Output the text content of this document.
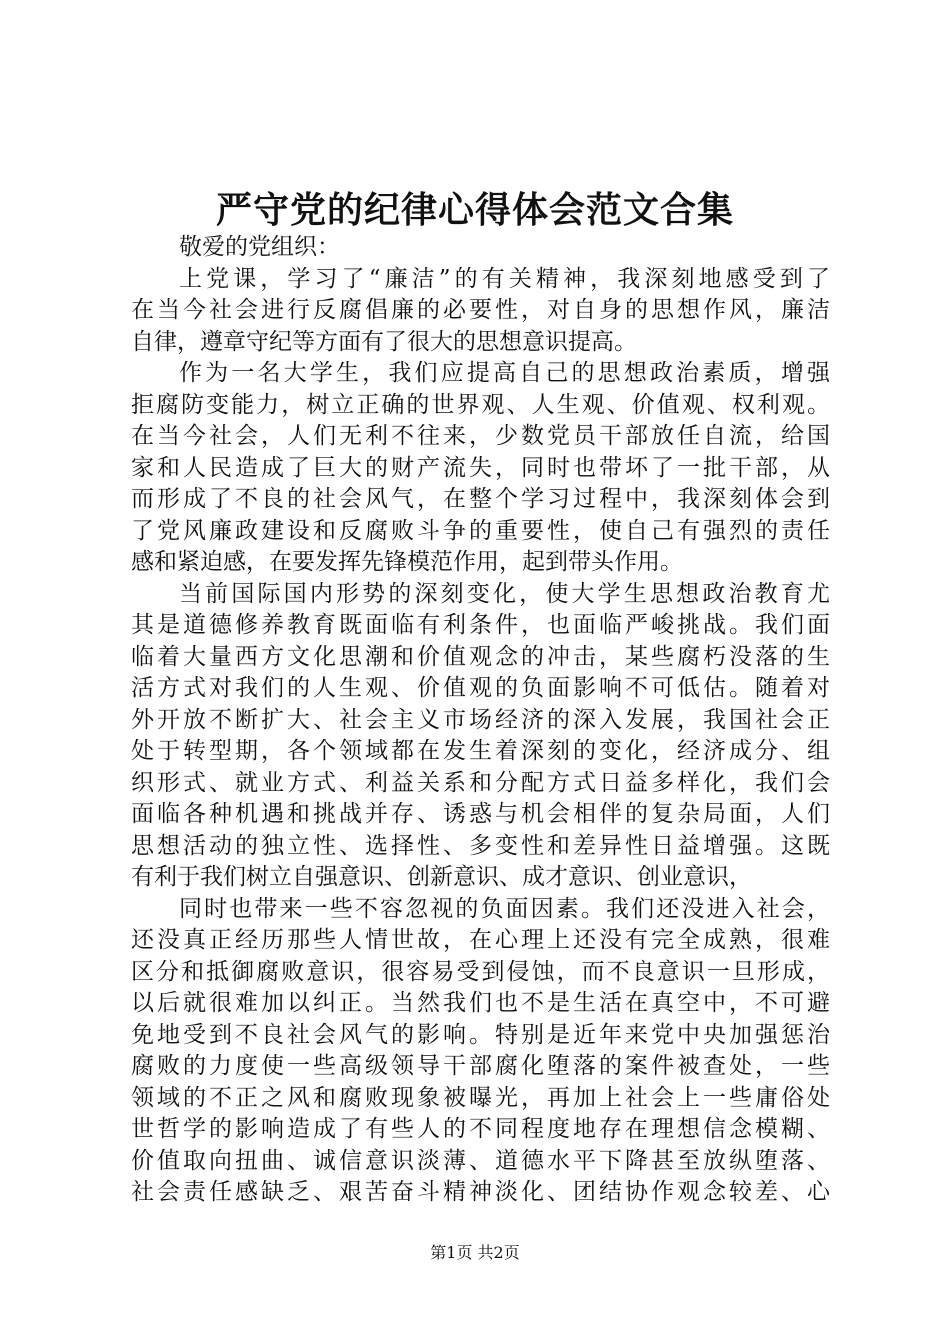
严守党的纪律心得体会范文合集
敬爱的党组织：
上党课，学习了“廉洁”的有关精神，我深刻地感受到了
在当今社会进行反腐倡廉的必要性，对自身的思想作风，廉洁
自律，遵章守纪等方面有了很大的思想意识提高。
作为一名大学生，我们应提高自己的思想政治素质，增强
拒腐防变能力，树立正确的世界观、人生观、价值观、权利观。
在当今社会，人们无利不往来，少数党员干部放任自流，给国
家和人民造成了巨大的财产流失，同时也带坏了一批干部，从
而形成了不良的社会风气，在整个学习过程中，我深刻体会到
了党风廉政建设和反腐败斗争的重要性，使自己有强烈的责任
感和紧迫感，在要发挥先锋模范作用，起到带头作用。
当前国际国内形势的深刻变化，使大学生思想政治教育尤
其是道德修养教育既面临有利条件，也面临严峻挑战。我们面
临着大量西方文化思潮和价值观念的冲击，某些腐朽没落的生
活方式对我们的人生观、价值观的负面影响不可低估。随着对
外开放不断扩大、社会主义市场经济的深入发展，我国社会正
处于转型期，各个领域都在发生着深刻的变化，经济成分、组
织形式、就业方式、利益关系和分配方式日益多样化，我们会
面临各种机遇和挑战并存、诱惑与机会相伴的复杂局面，人们
思想活动的独立性、选择性、多变性和差异性日益增强。这既
有利于我们树立自强意识、创新意识、成才意识、创业意识，
同时也带来一些不容忽视的负面因素。我们还没进入社会，
还没真正经历那些人情世故，在心理上还没有完全成熟，很难
区分和抵御腐败意识，很容易受到侵蚀，而不良意识一旦形成，
以后就很难加以纠正。当然我们也不是生活在真空中，不可避
免地受到不良社会风气的影响。特别是近年来党中央加强惩治
腐败的力度使一些高级领导干部腐化堕落的案件被查处，一些
领域的不正之风和腐败现象被曝光，再加上社会上一些庸俗处
世哲学的影响造成了有些人的不同程度地存在理想信念模糊、
价值取向扭曲、诚信意识淡薄、道德水平下降甚至放纵堕落、
社会责任感缺乏、艰苦奋斗精神淡化、团结协作观念较差、心
第1页 共2页
